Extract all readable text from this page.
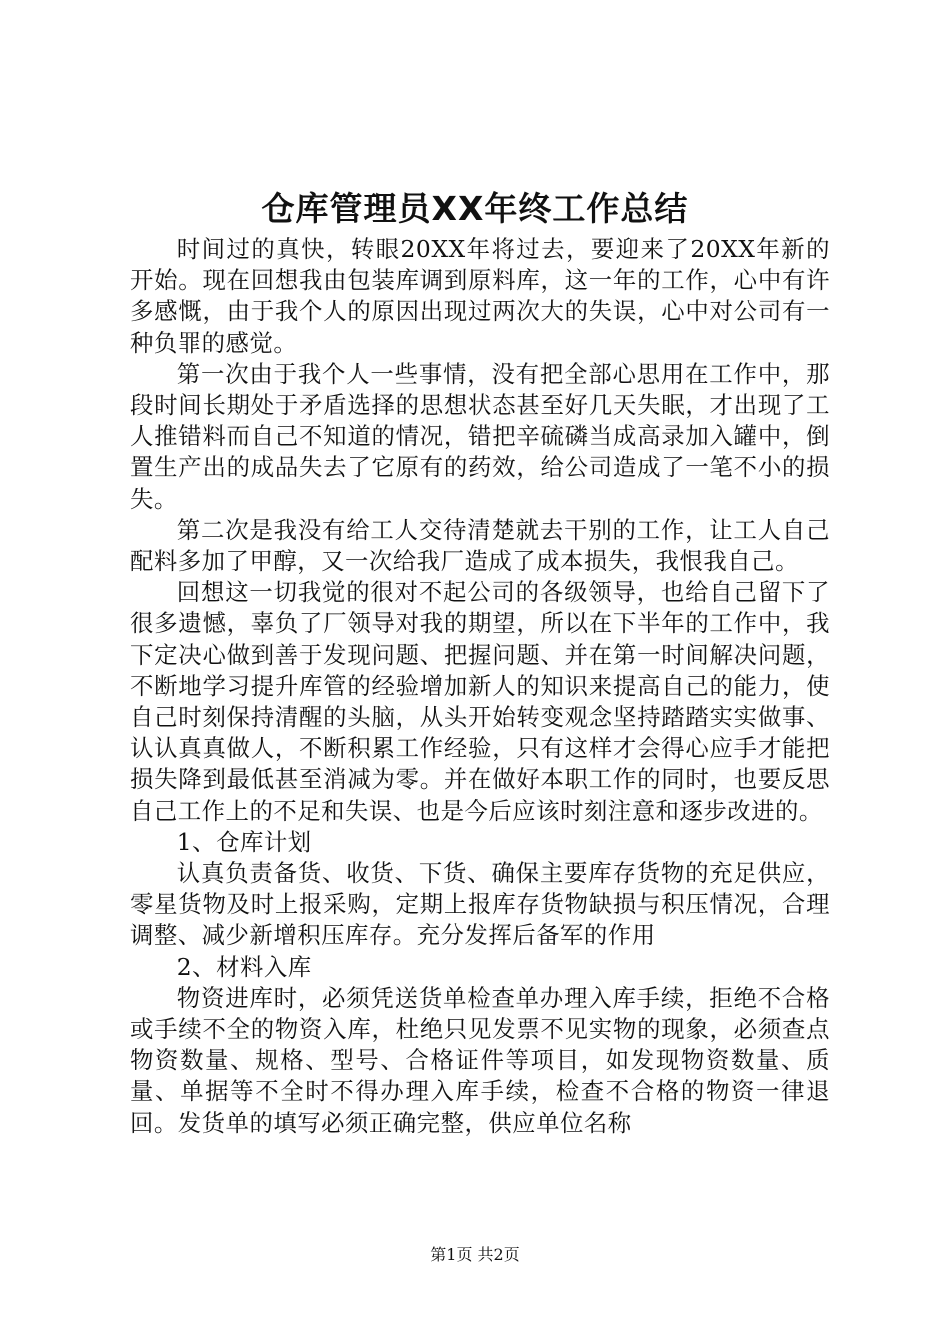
仓库管理员XX年终工作总结

时间过的真快，转眼20XX年将过去，要迎来了20XX年新的开始。现在回想我由包装库调到原料库，这一年的工作，心中有许多感慨，由于我个人的原因出现过两次大的失误，心中对公司有一种负罪的感觉。

第一次由于我个人一些事情，没有把全部心思用在工作中，那段时间长期处于矛盾选择的思想状态甚至好几天失眠，才出现了工人推错料而自己不知道的情况，错把辛硫磷当成高录加入罐中，倒置生产出的成品失去了它原有的药效，给公司造成了一笔不小的损失。

第二次是我没有给工人交待清楚就去干别的工作，让工人自己配料多加了甲醇，又一次给我厂造成了成本损失，我恨我自己。

回想这一切我觉的很对不起公司的各级领导，也给自己留下了很多遗憾，辜负了厂领导对我的期望，所以在下半年的工作中，我下定决心做到善于发现问题、把握问题、并在第一时间解决问题，不断地学习提升库管的经验增加新人的知识来提高自己的能力，使自己时刻保持清醒的头脑，从头开始转变观念坚持踏踏实实做事、认认真真做人，不断积累工作经验，只有这样才会得心应手才能把损失降到最低甚至消减为零。并在做好本职工作的同时，也要反思自己工作上的不足和失误、也是今后应该时刻注意和逐步改进的。

1、仓库计划

认真负责备货、收货、下货、确保主要库存货物的充足供应，零星货物及时上报采购，定期上报库存货物缺损与积压情况，合理调整、减少新增积压库存。充分发挥后备军的作用

2、材料入库

物资进库时，必须凭送货单检查单办理入库手续，拒绝不合格或手续不全的物资入库，杜绝只见发票不见实物的现象，必须查点物资数量、规格、型号、合格证件等项目，如发现物资数量、质量、单据等不全时不得办理入库手续，检查不合格的物资一律退回。发货单的填写必须正确完整，供应单位名称

第1页 共2页
